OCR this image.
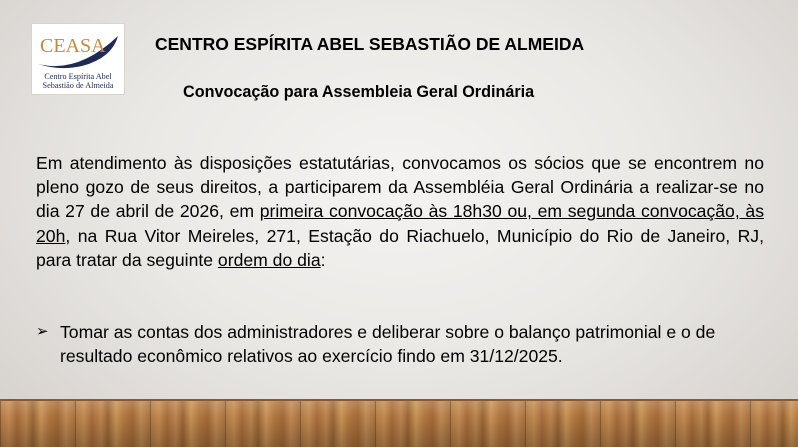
CEASA
Centro Espírita Abel
Sebastião de Almeida
CENTRO ESPÍRITA ABEL SEBASTIÃO DE ALMEIDA
Convocação para Assembleia Geral Ordinária

Em atendimento às disposições estatutárias, convocamos os sócios que se encontrem no pleno gozo de seus direitos, a participarem da Assembléia Geral Ordinária a realizar-se no dia 27 de abril de 2026, em primeira convocação às 18h30 ou, em segunda convocação, às 20h, na Rua Vitor Meireles, 271, Estação do Riachuelo, Município do Rio de Janeiro, RJ, para tratar da seguinte ordem do dia:

➢ Tomar as contas dos administradores e deliberar sobre o balanço patrimonial e o de resultado econômico relativos ao exercício findo em 31/12/2025.
